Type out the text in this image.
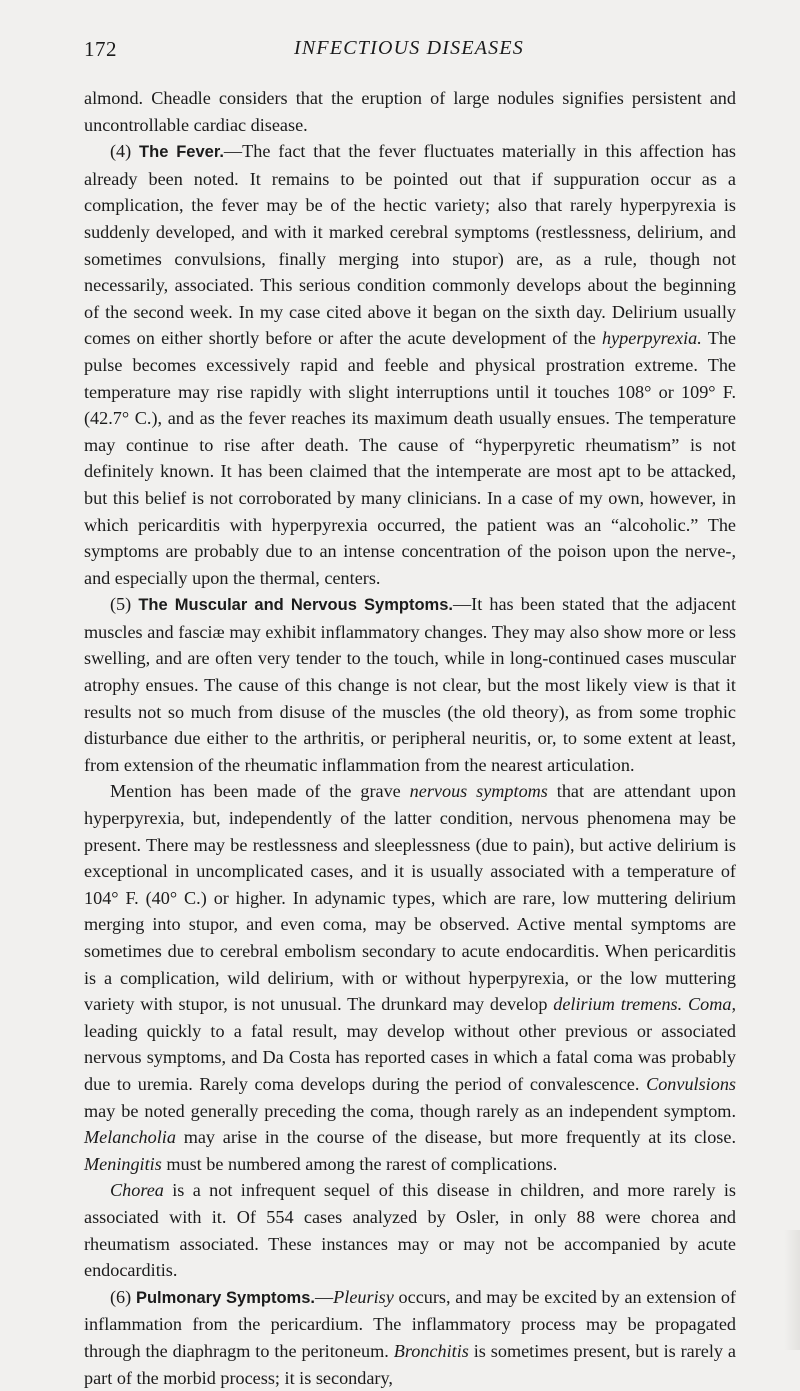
172	INFECTIOUS DISEASES

almond. Cheadle considers that the eruption of large nodules signifies persistent and uncontrollable cardiac disease.

(4) The Fever.—The fact that the fever fluctuates materially in this affection has already been noted. It remains to be pointed out that if suppuration occur as a complication, the fever may be of the hectic variety; also that rarely hyperpyrexia is suddenly developed, and with it marked cerebral symptoms (restlessness, delirium, and sometimes convulsions, finally merging into stupor) are, as a rule, though not necessarily, associated. This serious condition commonly develops about the beginning of the second week. In my case cited above it began on the sixth day. Delirium usually comes on either shortly before or after the acute development of the hyperpyrexia. The pulse becomes excessively rapid and feeble and physical prostration extreme. The temperature may rise rapidly with slight interruptions until it touches 108° or 109° F. (42.7° C.), and as the fever reaches its maximum death usually ensues. The temperature may continue to rise after death. The cause of “hyperpyretic rheumatism” is not definitely known. It has been claimed that the intemperate are most apt to be attacked, but this belief is not corroborated by many clinicians. In a case of my own, however, in which pericarditis with hyperpyrexia occurred, the patient was an “alcoholic.” The symptoms are probably due to an intense concentration of the poison upon the nerve-, and especially upon the thermal, centers.

(5) The Muscular and Nervous Symptoms.—It has been stated that the adjacent muscles and fasciæ may exhibit inflammatory changes. They may also show more or less swelling, and are often very tender to the touch, while in long-continued cases muscular atrophy ensues. The cause of this change is not clear, but the most likely view is that it results not so much from disuse of the muscles (the old theory), as from some trophic disturbance due either to the arthritis, or peripheral neuritis, or, to some extent at least, from extension of the rheumatic inflammation from the nearest articulation.

Mention has been made of the grave nervous symptoms that are attendant upon hyperpyrexia, but, independently of the latter condition, nervous phenomena may be present. There may be restlessness and sleeplessness (due to pain), but active delirium is exceptional in uncomplicated cases, and it is usually associated with a temperature of 104° F. (40° C.) or higher. In adynamic types, which are rare, low muttering delirium merging into stupor, and even coma, may be observed. Active mental symptoms are sometimes due to cerebral embolism secondary to acute endocarditis. When pericarditis is a complication, wild delirium, with or without hyperpyrexia, or the low muttering variety with stupor, is not unusual. The drunkard may develop delirium tremens. Coma, leading quickly to a fatal result, may develop without other previous or associated nervous symptoms, and Da Costa has reported cases in which a fatal coma was probably due to uremia. Rarely coma develops during the period of convalescence. Convulsions may be noted generally preceding the coma, though rarely as an independent symptom. Melancholia may arise in the course of the disease, but more frequently at its close. Meningitis must be numbered among the rarest of complications.

Chorea is a not infrequent sequel of this disease in children, and more rarely is associated with it. Of 554 cases analyzed by Osler, in only 88 were chorea and rheumatism associated. These instances may or may not be accompanied by acute endocarditis.

(6) Pulmonary Symptoms.—Pleurisy occurs, and may be excited by an extension of inflammation from the pericardium. The inflammatory process may be propagated through the diaphragm to the peritoneum. Bronchitis is sometimes present, but is rarely a part of the morbid process; it is secondary,
